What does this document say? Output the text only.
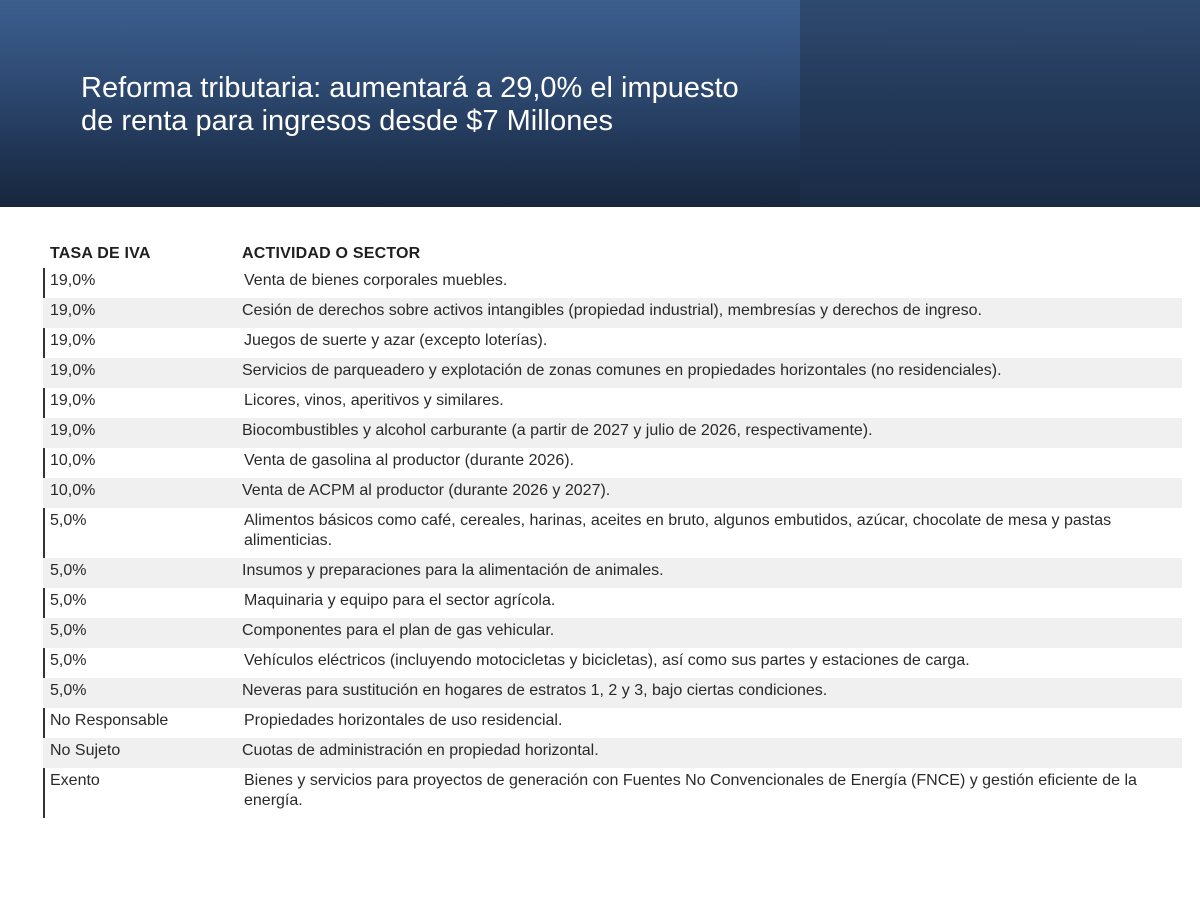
Reforma tributaria: aumentará a 29,0% el impuesto de renta para ingresos desde $7 Millones
TASA DE IVA	ACTIVIDAD O SECTOR
19,0%	Venta de bienes corporales muebles.
19,0%	Cesión de derechos sobre activos intangibles (propiedad industrial), membresías y derechos de ingreso.
19,0%	Juegos de suerte y azar (excepto loterías).
19,0%	Servicios de parqueadero y explotación de zonas comunes en propiedades horizontales (no residenciales).
19,0%	Licores, vinos, aperitivos y similares.
19,0%	Biocombustibles y alcohol carburante (a partir de 2027 y julio de 2026, respectivamente).
10,0%	Venta de gasolina al productor (durante 2026).
10,0%	Venta de ACPM al productor (durante 2026 y 2027).
5,0%	Alimentos básicos como café, cereales, harinas, aceites en bruto, algunos embutidos, azúcar, chocolate de mesa y pastas alimenticias.
5,0%	Insumos y preparaciones para la alimentación de animales.
5,0%	Maquinaria y equipo para el sector agrícola.
5,0%	Componentes para el plan de gas vehicular.
5,0%	Vehículos eléctricos (incluyendo motocicletas y bicicletas), así como sus partes y estaciones de carga.
5,0%	Neveras para sustitución en hogares de estratos 1, 2 y 3, bajo ciertas condiciones.
No Responsable	Propiedades horizontales de uso residencial.
No Sujeto	Cuotas de administración en propiedad horizontal.
Exento	Bienes y servicios para proyectos de generación con Fuentes No Convencionales de Energía (FNCE) y gestión eficiente de la energía.
